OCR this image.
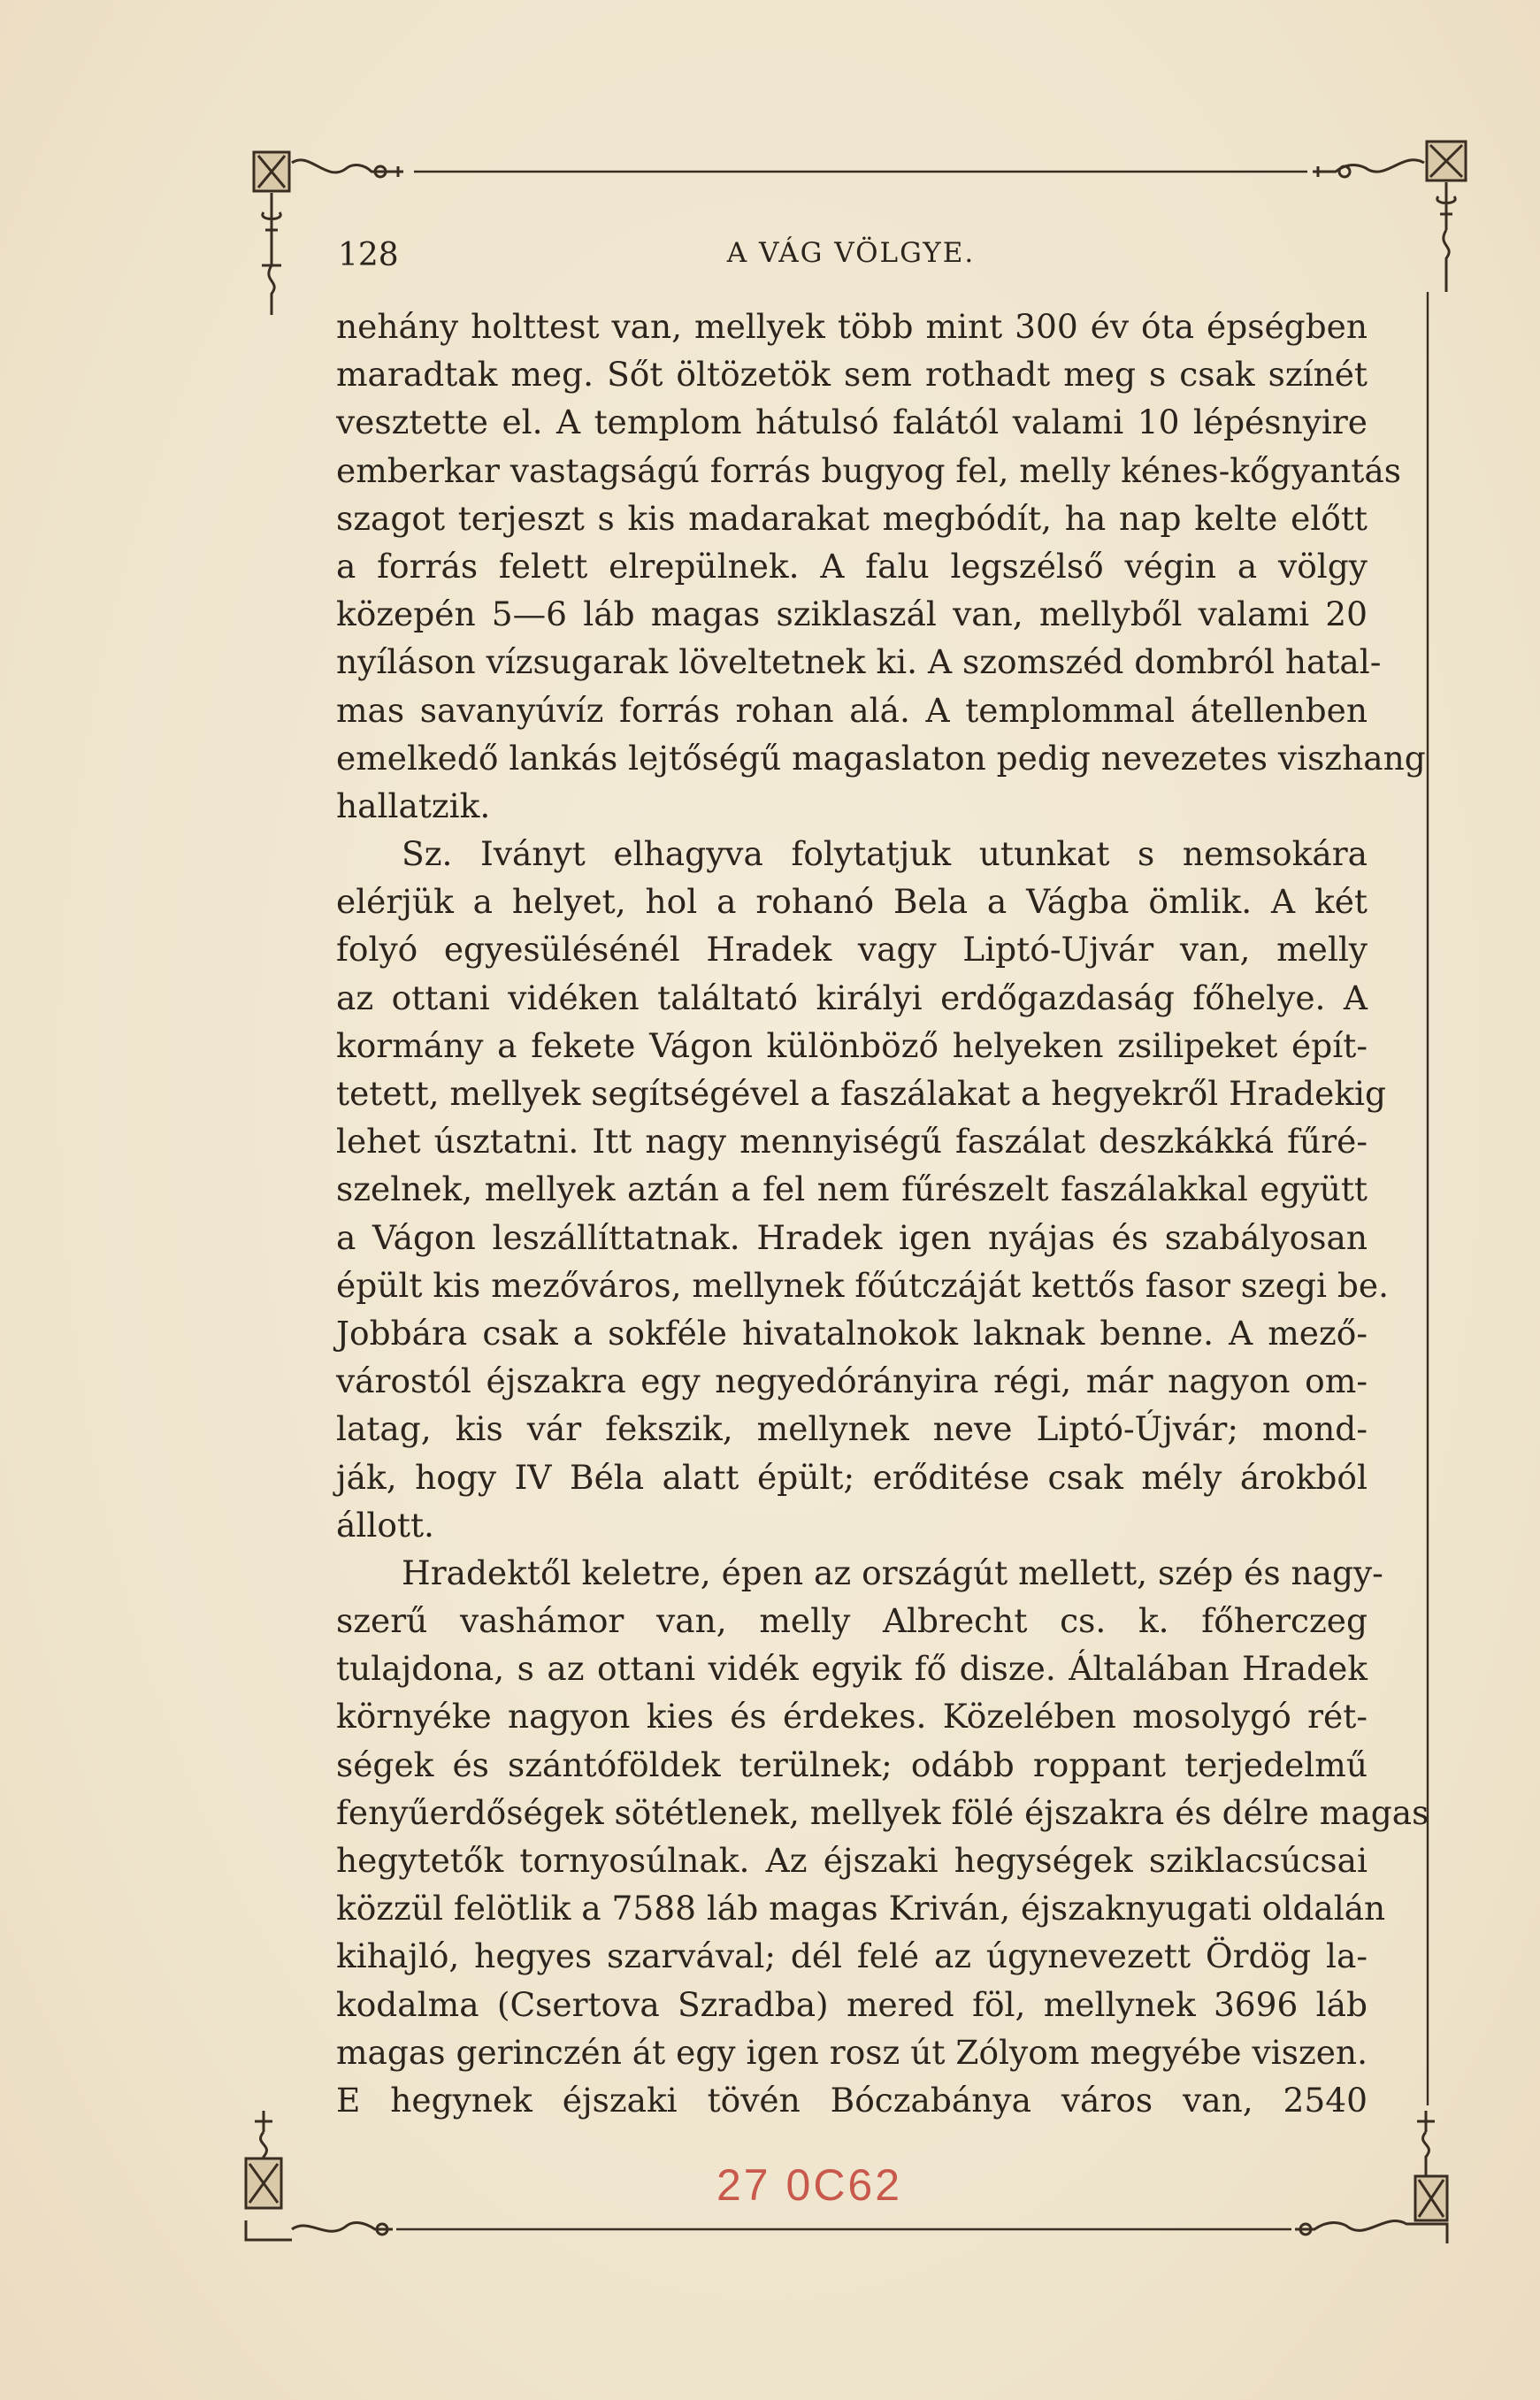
128	A VÁG VÖLGYE.
nehány holttest van, mellyek több mint 300 év óta épségben
maradtak meg. Sőt öltözetök sem rothadt meg s csak színét
vesztette el. A templom hátulsó falától valami 10 lépésnyire
emberkar vastagságú forrás bugyog fel, melly kénes-kőgyantás
szagot terjeszt s kis madarakat megbódít, ha nap kelte előtt
a forrás felett elrepülnek. A falu legszélső végin a völgy
közepén 5—6 láb magas sziklaszál van, mellyből valami 20
nyíláson vízsugarak löveltetnek ki. A szomszéd dombról hatal-
mas savanyúvíz forrás rohan alá. A templommal átellenben
emelkedő lankás lejtőségű magaslaton pedig nevezetes viszhang
hallatzik.
Sz. Iványt elhagyva folytatjuk utunkat s nemsokára
elérjük a helyet, hol a rohanó Bela a Vágba ömlik. A két
folyó egyesülésénél Hradek vagy Liptó-Ujvár van, melly
az ottani vidéken találtató királyi erdőgazdaság főhelye. A
kormány a fekete Vágon különböző helyeken zsilipeket épít-
tetett, mellyek segítségével a faszálakat a hegyekről Hradekig
lehet úsztatni. Itt nagy mennyiségű faszálat deszkákká fűré-
szelnek, mellyek aztán a fel nem fűrészelt faszálakkal együtt
a Vágon leszállíttatnak. Hradek igen nyájas és szabályosan
épült kis mezőváros, mellynek főútczáját kettős fasor szegi be.
Jobbára csak a sokféle hivatalnokok laknak benne. A mező-
várostól éjszakra egy negyedórányira régi, már nagyon om-
latag, kis vár fekszik, mellynek neve Liptó-Újvár; mond-
ják, hogy IV Béla alatt épült; erőditése csak mély árokból
állott.
Hradektől keletre, épen az országút mellett, szép és nagy-
szerű vashámor van, melly Albrecht cs. k. főherczeg
tulajdona, s az ottani vidék egyik fő disze. Általában Hradek
környéke nagyon kies és érdekes. Közelében mosolygó rét-
ségek és szántóföldek terülnek; odább roppant terjedelmű
fenyűerdőségek sötétlenek, mellyek fölé éjszakra és délre magas
hegytetők tornyosúlnak. Az éjszaki hegységek sziklacsúcsai
közzül felötlik a 7588 láb magas Kriván, éjszaknyugati oldalán
kihajló, hegyes szarvával; dél felé az úgynevezett Ördög la-
kodalma (Csertova Szradba) mered föl, mellynek 3696 láb
magas gerinczén át egy igen rosz út Zólyom megyébe viszen.
E hegynek éjszaki tövén Bóczabánya város van, 2540
27 0C62
